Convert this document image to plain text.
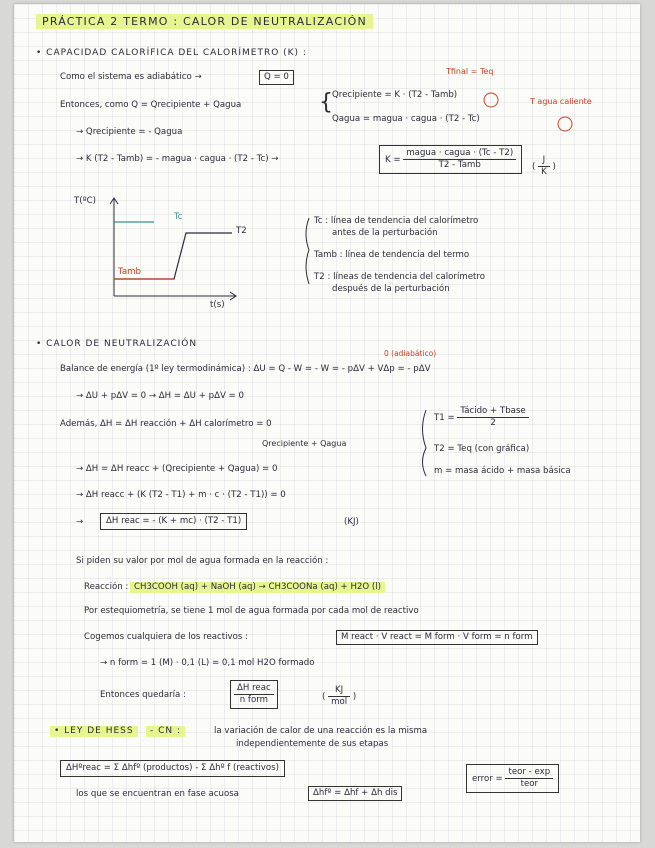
PRÁCTICA 2 TERMO : CALOR DE NEUTRALIZACIÓN
• CAPACIDAD CALORÍFICA DEL CALORÍMETRO (K) :
Como el sistema es adiabático →	Q = 0
Tfinal = Teq
Entonces, como Q = Qrecipiente + Qagua	{ Qrecipiente = K · (T2 - Tamb)
Qagua = magua · cagua · (T2 - Tc)
T agua caliente
→ Qrecipiente = - Qagua
→ K (T2 - Tamb) = - magua · cagua · (T2 - Tc) →	$K = \frac{\text{magua · cagua · (Tc - T2)}}{\text{T2 - Tamb}}$ ( $\frac{J}{K}$ )
T(ºC)
Tc
T2
Tamb
t(s)
Tc : línea de tendencia del calorímetro
antes de la perturbación
Tamb : línea de tendencia del termo
T2 : líneas de tendencia del calorímetro
después de la perturbación
• CALOR DE NEUTRALIZACIÓN
0 (adiabático)
Balance de energía (1º ley termodinámica) : ΔU = Q - W = - W = - pΔV + VΔp = - pΔV
→ ΔU + pΔV = 0 → ΔH = ΔU + pΔV = 0
Además, ΔH = ΔH reacción + ΔH calorímetro = 0
Qrecipiente + Qagua
→ ΔH = ΔH reacc + (Qrecipiente + Qagua) = 0
→ ΔH reacc + (K (T2 - T1) + m · c · (T2 - T1)) = 0
→	ΔH reac = - (K + mc) · (T2 - T1)	(KJ)
$T1 = \frac{\text{Tácido + Tbase}}{2}$
T2 = Teq (con gráfica)
m = masa ácido + masa básica
Si piden su valor por mol de agua formada en la reacción :
Reacción : CH3COOH (aq) + NaOH (aq) → CH3COONa (aq) + H2O (l)
Por estequiometría, se tiene 1 mol de agua formada por cada mol de reactivo
Cogemos cualquiera de los reactivos :	M react · V react = M form · V form = n form
→ n form = 1 (M) · 0,1 (L) = 0,1 mol H2O formado
Entonces quedaría :	$\frac{\text{ΔH reac}}{\text{n form}}$	( $\frac{KJ}{\text{mol}}$ )
• LEY DE HESS	- CN :	la variación de calor de una reacción es la misma
independientemente de sus etapas
ΔHºreac = Σ Δhfº (productos) - Σ Δhº f (reactivos)
los que se encuentran en fase acuosa	Δhfº = Δhf + Δh dis
error = $\frac{\text{teor - exp}}{\text{teor}}$
